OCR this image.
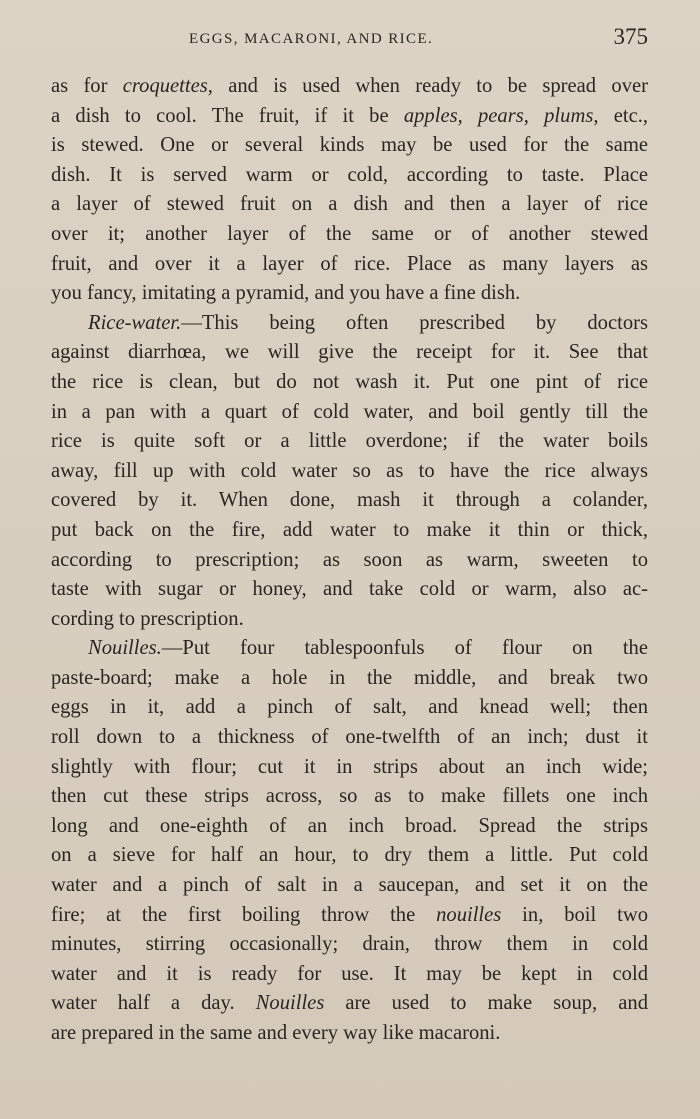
EGGS, MACARONI, AND RICE.	375
as for croquettes, and is used when ready to be spread over
a dish to cool. The fruit, if it be apples, pears, plums, etc.,
is stewed. One or several kinds may be used for the same
dish. It is served warm or cold, according to taste. Place
a layer of stewed fruit on a dish and then a layer of rice
over it; another layer of the same or of another stewed
fruit, and over it a layer of rice. Place as many layers as
you fancy, imitating a pyramid, and you have a fine dish.
Rice-water.—This being often prescribed by doctors
against diarrhœa, we will give the receipt for it. See that
the rice is clean, but do not wash it. Put one pint of rice
in a pan with a quart of cold water, and boil gently till the
rice is quite soft or a little overdone; if the water boils
away, fill up with cold water so as to have the rice always
covered by it. When done, mash it through a colander,
put back on the fire, add water to make it thin or thick,
according to prescription; as soon as warm, sweeten to
taste with sugar or honey, and take cold or warm, also ac-
cording to prescription.
Nouilles.—Put four tablespoonfuls of flour on the
paste-board; make a hole in the middle, and break two
eggs in it, add a pinch of salt, and knead well; then
roll down to a thickness of one-twelfth of an inch; dust it
slightly with flour; cut it in strips about an inch wide;
then cut these strips across, so as to make fillets one inch
long and one-eighth of an inch broad. Spread the strips
on a sieve for half an hour, to dry them a little. Put cold
water and a pinch of salt in a saucepan, and set it on the
fire; at the first boiling throw the nouilles in, boil two
minutes, stirring occasionally; drain, throw them in cold
water and it is ready for use. It may be kept in cold
water half a day. Nouilles are used to make soup, and
are prepared in the same and every way like macaroni.
